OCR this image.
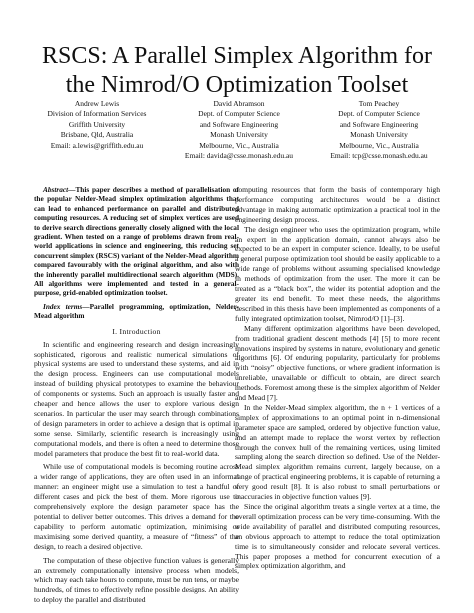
RSCS: A Parallel Simplex Algorithm for the Nimrod/O Optimization Toolset
Andrew Lewis
Division of Information Services
Griffith University
Brisbane, Qld, Australia
Email: a.lewis@griffith.edu.au
David Abramson
Dept. of Computer Science
and Software Engineering
Monash University
Melbourne, Vic., Australia
Email: davida@csse.monash.edu.au
Tom Peachey
Dept. of Computer Science
and Software Engineering
Monash University
Melbourne, Vic., Australia
Email: tcp@csse.monash.edu.au

Abstract—This paper describes a method of parallelisation of the popular Nelder-Mead simplex optimization algorithms that can lead to enhanced performance on parallel and distributed computing resources. A reducing set of simplex vertices are used to derive search directions generally closely aligned with the local gradient. When tested on a range of problems drawn from real-world applications in science and engineering, this reducing set concurrent simplex (RSCS) variant of the Nelder-Mead algorithm compared favourably with the original algorithm, and also with the inherently parallel multidirectional search algorithm (MDS). All algorithms were implemented and tested in a general-purpose, grid-enabled optimization toolset.

Index terms—Parallel programming, optimization, Nelder-Mead algorithm

I. Introduction

In scientific and engineering research and design increasingly sophisticated, rigorous and realistic numerical simulations of physical systems are used to understand these systems, and aid in the design process. Engineers can use computational models instead of building physical prototypes to examine the behaviour of components or systems. Such an approach is usually faster and cheaper and hence allows the user to explore various design scenarios. In particular the user may search through combinations of design parameters in order to achieve a design that is optimal in some sense. Similarly, scientific research is increasingly using computational models, and there is often a need to determine those model parameters that produce the best fit to real-world data.

While use of computational models is becoming routine across a wider range of applications, they are often used in an informal manner: an engineer might use a simulation to test a handful of different cases and pick the best of them. More rigorous use to comprehensively explore the design parameter space has the potential to deliver better outcomes. This drives a demand for the capability to perform automatic optimization, minimising or maximising some derived quantity, a measure of “fitness” of the design, to reach a desired objective.

The computation of these objective function values is generally an extremely computationally intensive process when models, which may each take hours to compute, must be run tens, or maybe hundreds, of times to effectively refine possible designs. An ability to deploy the parallel and distributed

computing resources that form the basis of contemporary high performance computing architectures would be a distinct advantage in making automatic optimization a practical tool in the engineering design process.

The design engineer who uses the optimization program, while an expert in the application domain, cannot always also be expected to be an expert in computer science. Ideally, to be useful a general purpose optimization tool should be easily applicable to a wide range of problems without assuming specialised knowledge in methods of optimization from the user. The more it can be treated as a “black box”, the wider its potential adoption and the greater its end benefit. To meet these needs, the algorithms described in this thesis have been implemented as components of a fully integrated optimization toolset, Nimrod/O [1]–[3].

Many different optimization algorithms have been developed, from traditional gradient descent methods [4] [5] to more recent innovations inspired by systems in nature, evolutionary and genetic algorithms [6]. Of enduring popularity, particularly for problems with “noisy” objective functions, or where gradient information is unreliable, unavailable or difficult to obtain, are direct search methods. Foremost among these is the simplex algorithm of Nelder and Mead [7].

In the Nelder-Mead simplex algorithm, the n + 1 vertices of a simplex of approximations to an optimal point in n-dimensional parameter space are sampled, ordered by objective function value, and an attempt made to replace the worst vertex by reflection through the convex hull of the remaining vertices, using limited sampling along the search direction so defined. Use of the Nelder-Mead simplex algorithm remains current, largely because, on a range of practical engineering problems, it is capable of returning a very good result [8]. It is also robust to small perturbations or inaccuracies in objective function values [9].

Since the original algorithm treats a single vertex at a time, the overall optimization process can be very time-consuming. With the wide availability of parallel and distributed computing resources, an obvious approach to attempt to reduce the total optimization time is to simultaneously consider and relocate several vertices. This paper proposes a method for concurrent execution of a simplex optimization algorithm, and
